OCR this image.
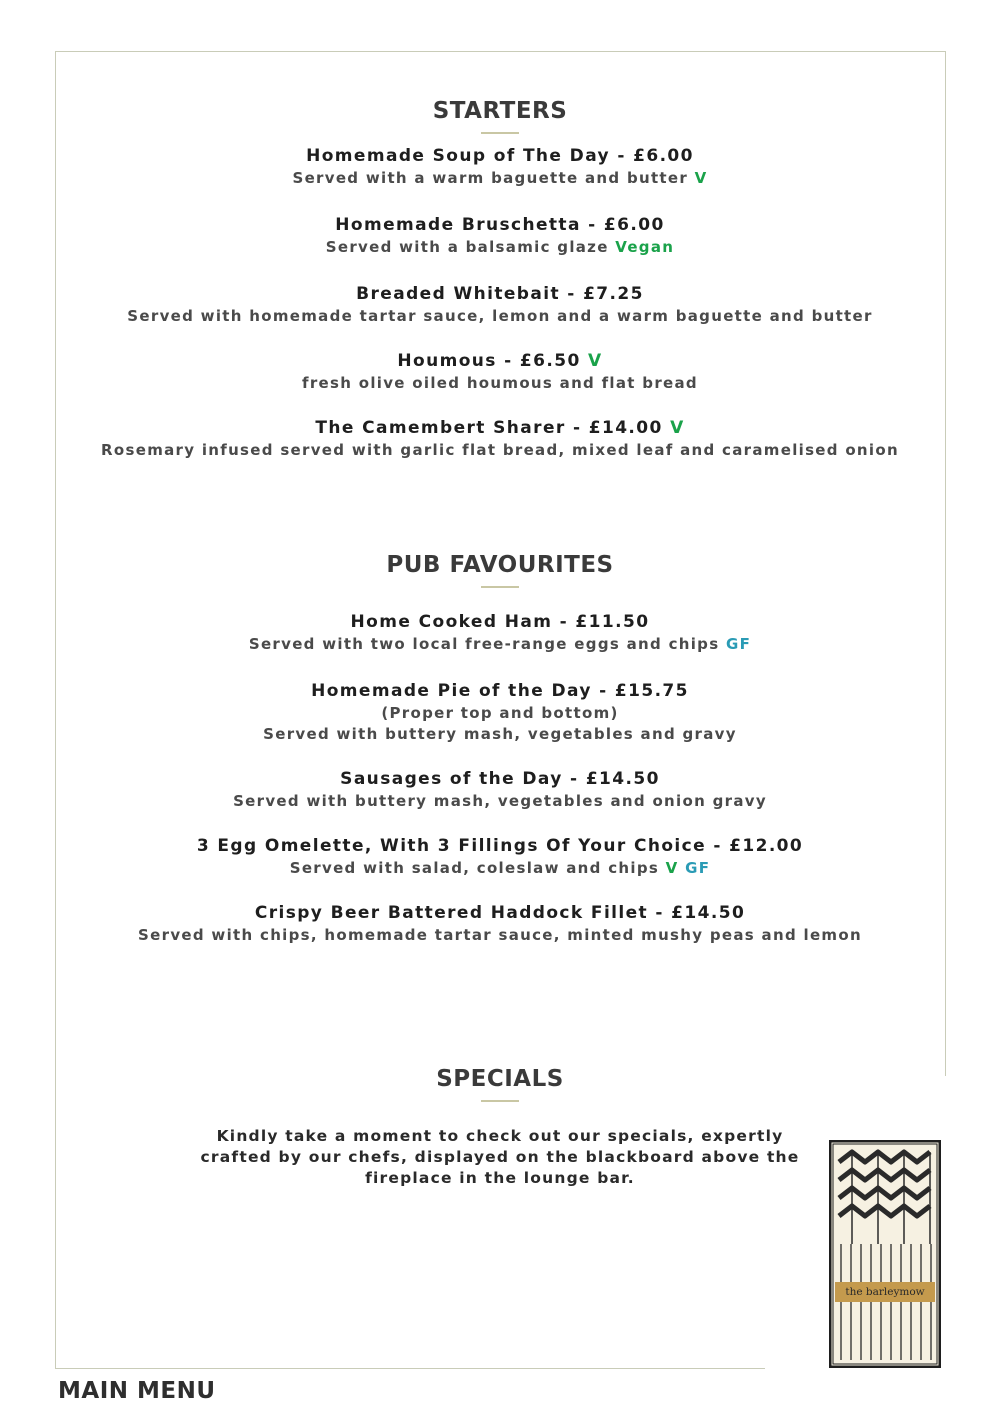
STARTERS
Homemade Soup of The Day - £6.00
Served with a warm baguette and butter V
Homemade Bruschetta - £6.00
Served with a balsamic glaze Vegan
Breaded Whitebait - £7.25
Served with homemade tartar sauce, lemon and a warm baguette and butter
Houmous - £6.50 V
fresh olive oiled houmous and flat bread
The Camembert Sharer - £14.00 V
Rosemary infused served with garlic flat bread, mixed leaf and caramelised onion
PUB FAVOURITES
Home Cooked Ham - £11.50
Served with two local free-range eggs and chips GF
Homemade Pie of the Day - £15.75
(Proper top and bottom)
Served with buttery mash, vegetables and gravy
Sausages of the Day - £14.50
Served with buttery mash, vegetables and onion gravy
3 Egg Omelette, With 3 Fillings Of Your Choice - £12.00
Served with salad, coleslaw and chips V GF
Crispy Beer Battered Haddock Fillet - £14.50
Served with chips, homemade tartar sauce, minted mushy peas and lemon
SPECIALS
Kindly take a moment to check out our specials, expertly crafted by our chefs, displayed on the blackboard above the fireplace in the lounge bar.
the barleymow
MAIN MENU
